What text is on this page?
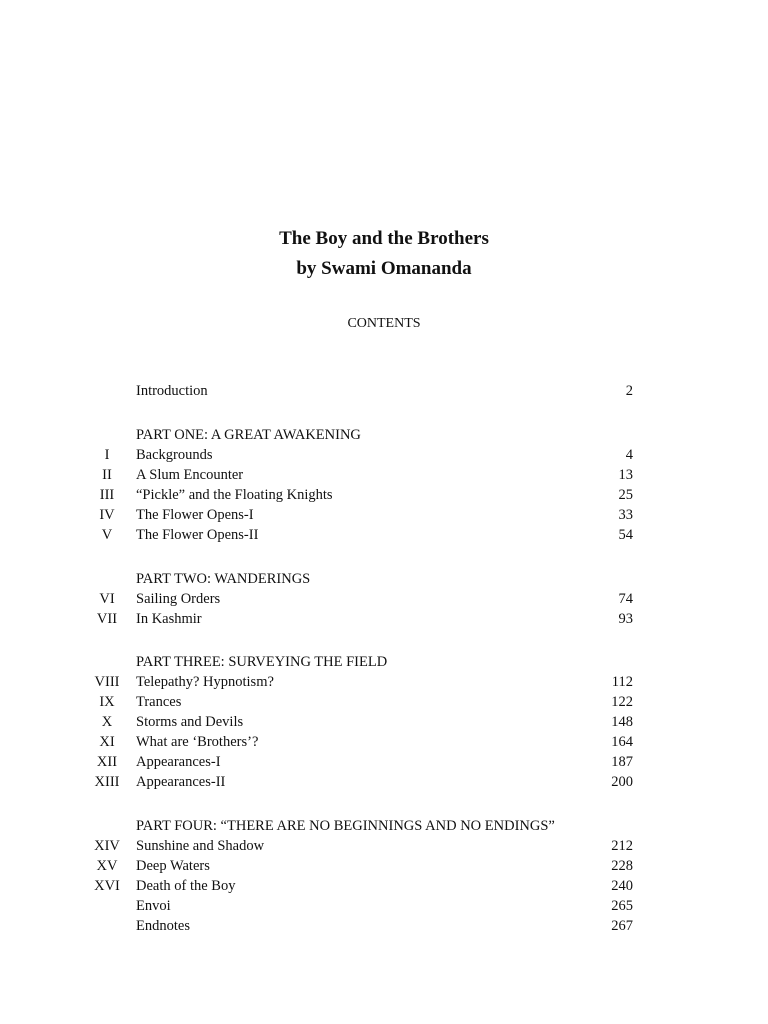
The Boy and the Brothers
by Swami Omananda
CONTENTS
Introduction	2
PART ONE: A GREAT AWAKENING
I	Backgrounds	4
II	A Slum Encounter	13
III	“Pickle” and the Floating Knights	25
IV	The Flower Opens-I	33
V	The Flower Opens-II	54
PART TWO: WANDERINGS
VI	Sailing Orders	74
VII	In Kashmir	93
PART THREE: SURVEYING THE FIELD
VIII	Telepathy? Hypnotism?	112
IX	Trances	122
X	Storms and Devils	148
XI	What are ‘Brothers’?	164
XII	Appearances-I	187
XIII	Appearances-II	200
PART FOUR: “THERE ARE NO BEGINNINGS AND NO ENDINGS”
XIV	Sunshine and Shadow	212
XV	Deep Waters	228
XVI	Death of the Boy	240
Envoi	265
Endnotes	267
